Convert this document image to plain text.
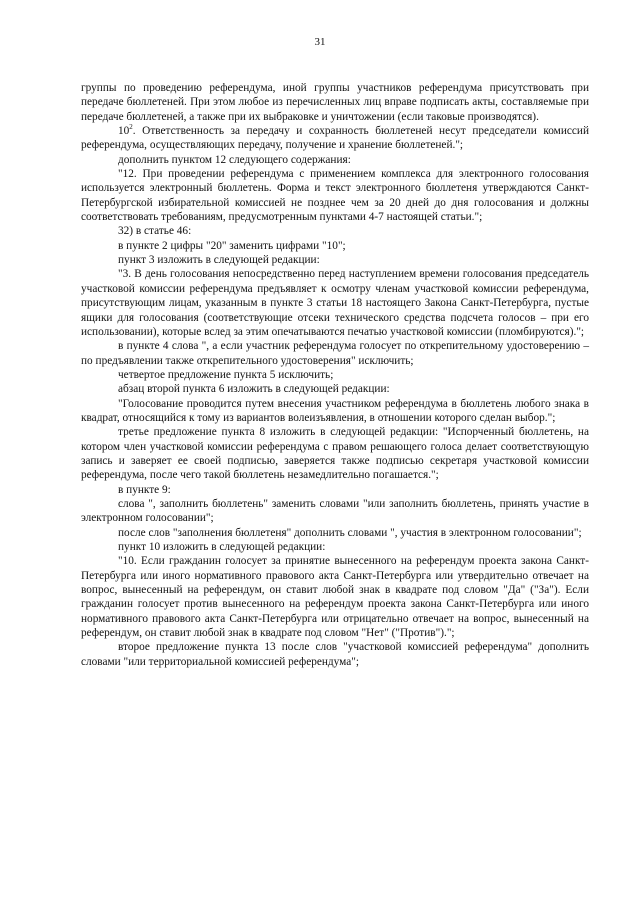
31

группы по проведению референдума, иной группы участников референдума присутствовать при передаче бюллетеней. При этом любое из перечисленных лиц вправе подписать акты, составляемые при передаче бюллетеней, а также при их выбраковке и уничтожении (если таковые производятся).

$10^2$. Ответственность за передачу и сохранность бюллетеней несут председатели комиссий референдума, осуществляющих передачу, получение и хранение бюллетеней.";

дополнить пунктом 12 следующего содержания:

"12. При проведении референдума с применением комплекса для электронного голосования используется электронный бюллетень. Форма и текст электронного бюллетеня утверждаются Санкт-Петербургской избирательной комиссией не позднее чем за 20 дней до дня голосования и должны соответствовать требованиям, предусмотренным пунктами 4-7 настоящей статьи.";

32) в статье 46:

в пункте 2 цифры "20" заменить цифрами "10";

пункт 3 изложить в следующей редакции:

"3. В день голосования непосредственно перед наступлением времени голосования председатель участковой комиссии референдума предъявляет к осмотру членам участковой комиссии референдума, присутствующим лицам, указанным в пункте 3 статьи 18 настоящего Закона Санкт-Петербурга, пустые ящики для голосования (соответствующие отсеки технического средства подсчета голосов – при его использовании), которые вслед за этим опечатываются печатью участковой комиссии (пломбируются).";

в пункте 4 слова ", а если участник референдума голосует по открепительному удостоверению – по предъявлении также открепительного удостоверения" исключить;

четвертое предложение пункта 5 исключить;

абзац второй пункта 6 изложить в следующей редакции:

"Голосование проводится путем внесения участником референдума в бюллетень любого знака в квадрат, относящийся к тому из вариантов волеизъявления, в отношении которого сделан выбор.";

третье предложение пункта 8 изложить в следующей редакции: "Испорченный бюллетень, на котором член участковой комиссии референдума с правом решающего голоса делает соответствующую запись и заверяет ее своей подписью, заверяется также подписью секретаря участковой комиссии референдума, после чего такой бюллетень незамедлительно погашается.";

в пункте 9:

слова ", заполнить бюллетень" заменить словами "или заполнить бюллетень, принять участие в электронном голосовании";

после слов "заполнения бюллетеня" дополнить словами ", участия в электронном голосовании";

пункт 10 изложить в следующей редакции:

"10. Если гражданин голосует за принятие вынесенного на референдум проекта закона Санкт-Петербурга или иного нормативного правового акта Санкт-Петербурга или утвердительно отвечает на вопрос, вынесенный на референдум, он ставит любой знак в квадрате под словом "Да" ("За"). Если гражданин голосует против вынесенного на референдум проекта закона Санкт-Петербурга или иного нормативного правового акта Санкт-Петербурга или отрицательно отвечает на вопрос, вынесенный на референдум, он ставит любой знак в квадрате под словом "Нет" ("Против").";

второе предложение пункта 13 после слов "участковой комиссией референдума" дополнить словами "или территориальной комиссией референдума";
